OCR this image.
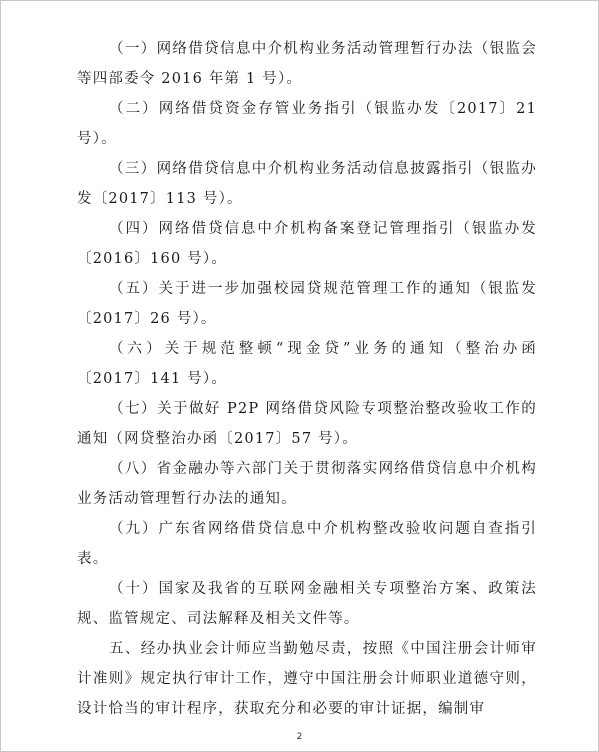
（一）网络借贷信息中介机构业务活动管理暂行办法（银监会等四部委令 2016 年第 1 号）。

（二）网络借贷资金存管业务指引（银监办发〔2017〕21 号）。

（三）网络借贷信息中介机构业务活动信息披露指引（银监办发〔2017〕113 号）。

（四）网络借贷信息中介机构备案登记管理指引（银监办发〔2016〕160 号）。

（五）关于进一步加强校园贷规范管理工作的通知（银监发〔2017〕26 号）。

（六）关于规范整顿“现金贷”业务的通知（整治办函〔2017〕141 号）。

（七）关于做好 P2P 网络借贷风险专项整治整改验收工作的通知（网贷整治办函〔2017〕57 号）。

（八）省金融办等六部门关于贯彻落实网络借贷信息中介机构业务活动管理暂行办法的通知。

（九）广东省网络借贷信息中介机构整改验收问题自查指引表。

（十）国家及我省的互联网金融相关专项整治方案、政策法规、监管规定、司法解释及相关文件等。

五、经办执业会计师应当勤勉尽责，按照《中国注册会计师审计准则》规定执行审计工作，遵守中国注册会计师职业道德守则，设计恰当的审计程序，获取充分和必要的审计证据，编制审

2
